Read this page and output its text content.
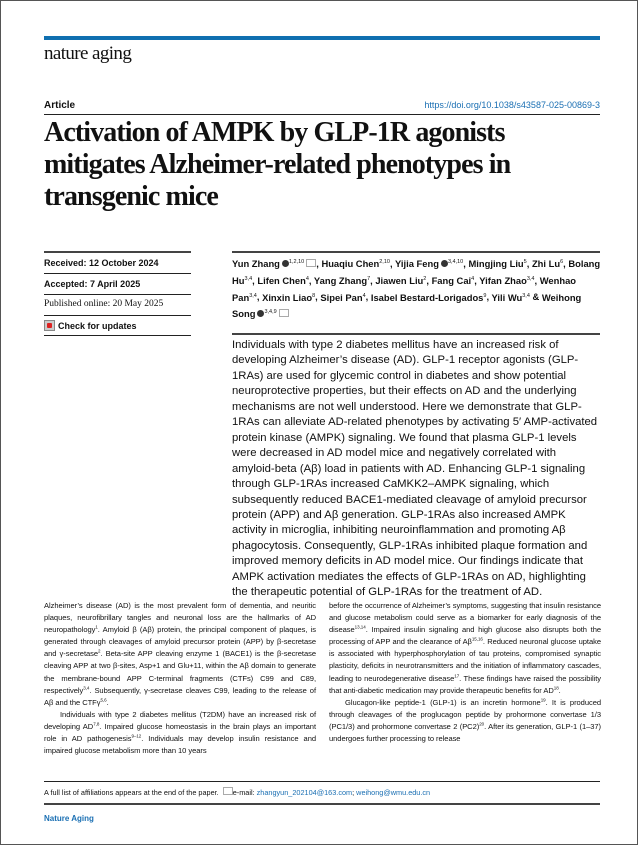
nature aging
Article	https://doi.org/10.1038/s43587-025-00869-3
Activation of AMPK by GLP-1R agonists
mitigates Alzheimer-related phenotypes in
transgenic mice
Received: 12 October 2024
Accepted: 7 April 2025
Published online: 20 May 2025
Check for updates
Yun Zhang $^{1,2,10}$ , Huaqiu Chen$^{2,10}$, Yijia Feng $^{3,4,10}$, Mingjing Liu$^5$, Zhi Lu$^6$, Bolang Hu$^{3,4}$, Lifen Chen$^4$, Yang Zhang$^7$, Jiawen Liu$^2$, Fang Cai$^4$, Yifan Zhao$^{3,4}$, Wenhao Pan$^{3,4}$, Xinxin Liao$^8$, Sipei Pan$^4$, Isabel Bestard-Lorigados$^9$, Yili Wu$^{3,4}$ & Weihong Song $^{3,4,9}$
Individuals with type 2 diabetes mellitus have an increased risk of developing Alzheimer’s disease (AD). GLP-1 receptor agonists (GLP-1RAs) are used for glycemic control in diabetes and show potential neuroprotective properties, but their effects on AD and the underlying mechanisms are not well understood. Here we demonstrate that GLP-1RAs can alleviate AD-related phenotypes by activating 5′ AMP-activated protein kinase (AMPK) signaling. We found that plasma GLP-1 levels were decreased in AD model mice and negatively correlated with amyloid-beta (Aβ) load in patients with AD. Enhancing GLP-1 signaling through GLP-1RAs increased CaMKK2–AMPK signaling, which subsequently reduced BACE1-mediated cleavage of amyloid precursor protein (APP) and Aβ generation. GLP-1RAs also increased AMPK activity in microglia, inhibiting neuroinflammation and promoting Aβ phagocytosis. Consequently, GLP-1RAs inhibited plaque formation and improved memory deficits in AD model mice. Our findings indicate that AMPK activation mediates the effects of GLP-1RAs on AD, highlighting the therapeutic potential of GLP-1RAs for the treatment of AD.

Alzheimer’s disease (AD) is the most prevalent form of dementia, and neuritic plaques, neurofibrillary tangles and neuronal loss are the hallmarks of AD neuropathology$^1$. Amyloid β (Aβ) protein, the principal component of plaques, is generated through cleavages of amyloid precursor protein (APP) by β-secretase and γ-secretase$^2$. Beta-site APP cleaving enzyme 1 (BACE1) is the β-secretase cleaving APP at two β-sites, Asp+1 and Glu+11, within the Aβ domain to generate the membrane-bound APP C-terminal fragments (CTFs) C99 and C89, respectively$^{3,4}$. Subsequently, γ-secretase cleaves C99, leading to the release of Aβ and the CTFγ$^{5,6}$.

Individuals with type 2 diabetes mellitus (T2DM) have an increased risk of developing AD$^{7,8}$. Impaired glucose homeostasis in the brain plays an important role in AD pathogenesis$^{9-12}$. Individuals may develop insulin resistance and impaired glucose metabolism more than 10 years

before the occurrence of Alzheimer’s symptoms, suggesting that insulin resistance and glucose metabolism could serve as a biomarker for early diagnosis of the disease$^{13,14}$. Impaired insulin signaling and high glucose also disrupts both the processing of APP and the clearance of Aβ$^{15,16}$. Reduced neuronal glucose uptake is associated with hyperphosphorylation of tau proteins, compromised synaptic plasticity, deficits in neurotransmitters and the initiation of inflammatory cascades, leading to neurodegenerative disease$^{17}$. These findings have raised the possibility that anti-diabetic medication may provide therapeutic benefits for AD$^{18}$.

Glucagon-like peptide-1 (GLP-1) is an incretin hormone$^{19}$. It is produced through cleavages of the proglucagon peptide by prohormone convertase 1/3 (PC1/3) and prohormone convertase 2 $(PC2)^{20}$. After its generation, GLP-1 (1–37) undergoes further processing to release

A full list of affiliations appears at the end of the paper. e-mail: zhangyun_202104@163.com; weihong@wmu.edu.cn
Nature Aging
